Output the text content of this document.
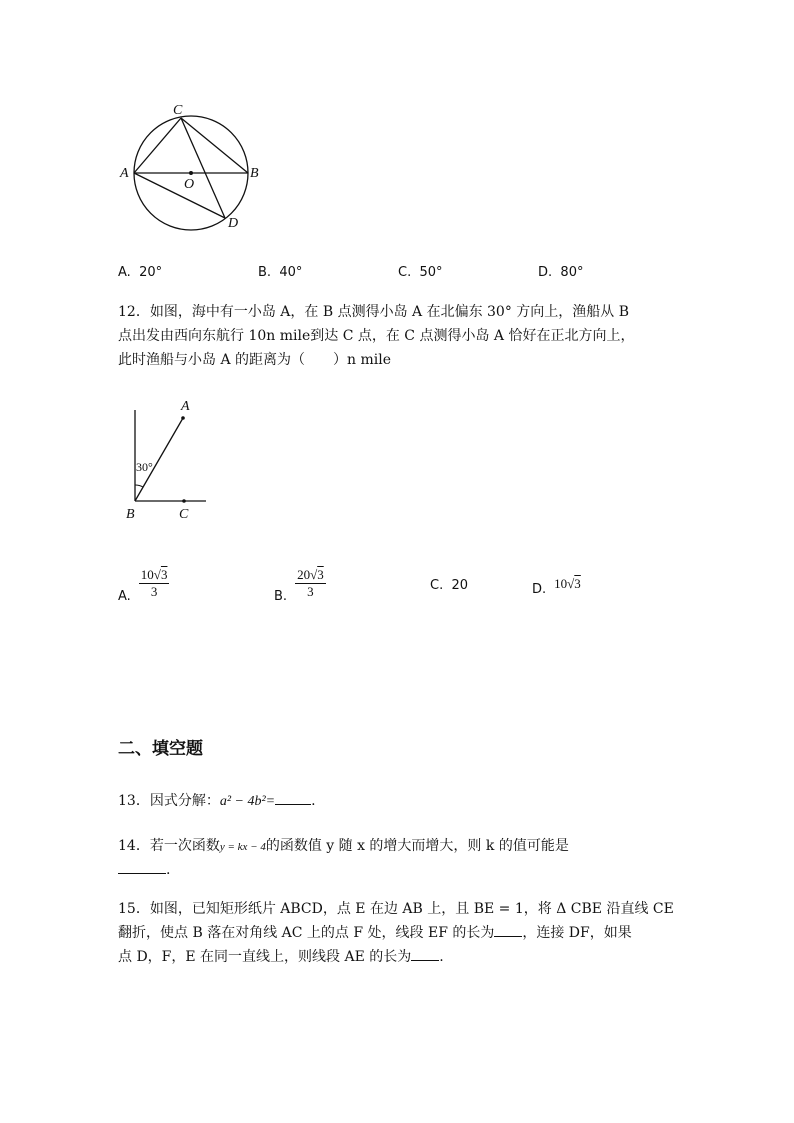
C
A	B
O
D
A. 20°	B. 40°	C. 50°	D. 80°
12．如图，海中有一小岛 A，在 B 点测得小岛 A 在北偏东 30° 方向上，渔船从 B
点出发由西向东航行 10n mile到达 C 点，在 C 点测得小岛 A 恰好在正北方向上，
此时渔船与小岛 A 的距离为（　　）n mile
A
B	C
30°
A. $\frac{10√3}{3}$	B. $\frac{20√3}{3}$	C. 20	D. 10√3
二、填空题
13．因式分解：a² − 4b²=	.
14．若一次函数y = kx − 4的函数值 y 随 x 的增大而增大，则 k 的值可能是
.
15．如图，已知矩形纸片 ABCD，点 E 在边 AB 上，且 BE = 1，将 Δ CBE 沿直线 CE
翻折，使点 B 落在对角线 AC 上的点 F 处，线段 EF 的长为 ，连接 DF，如果
点 D，F，E 在同一直线上，则线段 AE 的长为 .
